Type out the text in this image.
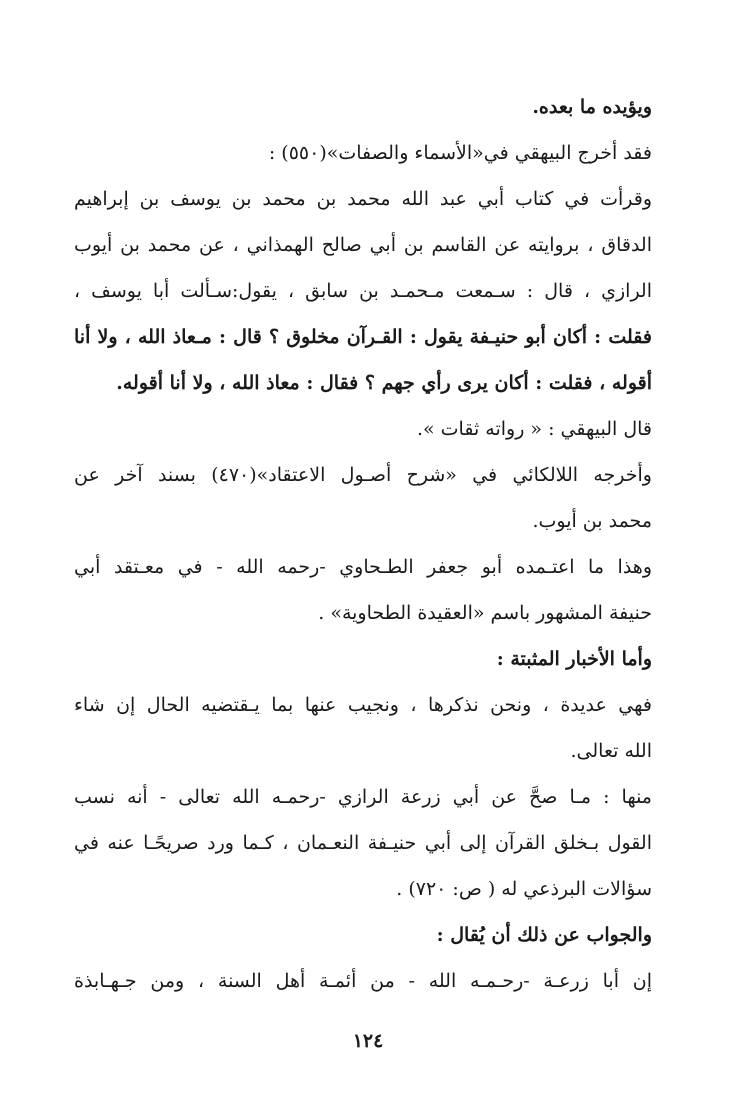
ويؤيده ما بعده.
فقد أخرج البيهقي في«الأسماء والصفات»(٥٥٠) :
وقرأت في كتاب أبي عبد الله محمد بن محمد بن يوسف بن إبراهيم
الدقاق ، بروايته عن القاسم بن أبي صالح الهمذاني ، عن محمد بن أيوب
الرازي ، قال : سـمعت مـحمـد بن سابق ، يقول:سـألت أبا يوسف ،
فقلت : أكان أبو حنيـفة يقول : القـرآن مخلوق ؟ قال : مـعاذ الله ، ولا أنا
أقوله ، فقلت : أكان يرى رأي جهم ؟ فقال : معاذ الله ، ولا أنا أقوله.
قال البيهقي : « رواته ثقات ».
وأخرجه اللالكائي في «شرح أصـول الاعتقاد»(٤٧٠) بسند آخر عن
محمد بن أيوب.
وهذا ما اعتـمده أبو جعفر الطـحاوي -رحمه الله - في معـتقد أبي
حنيفة المشهور باسم «العقيدة الطحاوية» .
وأما الأخبار المثبتة :
فهي عديدة ، ونحن نذكرها ، ونجيب عنها بما يـقتضيه الحال إن شاء
الله تعالى.
منها : مـا صحَّ عن أبي زرعة الرازي -رحمـه الله تعالى - أنه نسب
القول بـخلق القرآن إلى أبي حنيـفة النعـمان ، كـما ورد صريحًـا عنه في
سؤالات البرذعي له ( ص: ٧٢٠) .
والجواب عن ذلك أن يُقال :
إن أبا زرعـة -رحـمـه الله - من أئمـة أهل السنة ، ومن جـهـابذة
١٢٤
